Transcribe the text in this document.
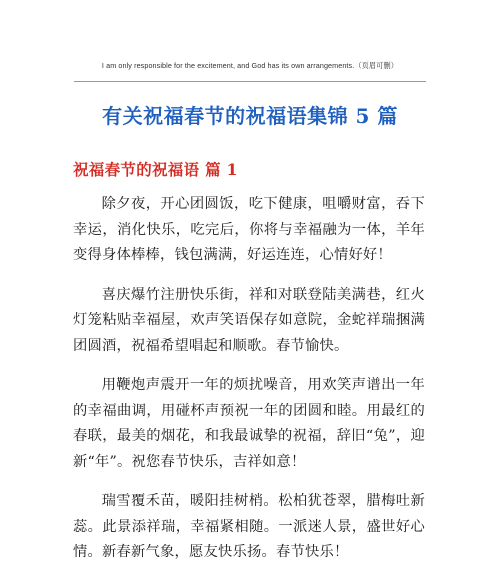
I am only responsible for the excitement, and God has its own arrangements.（页眉可删）
有关祝福春节的祝福语集锦 5 篇
祝福春节的祝福语 篇 1

除夕夜，开心团圆饭，吃下健康，咀嚼财富，吞下幸运，消化快乐，吃完后，你将与幸福融为一体，羊年变得身体棒棒，钱包满满，好运连连，心情好好！

喜庆爆竹注册快乐街，祥和对联登陆美满巷，红火灯笼粘贴幸福屋，欢声笑语保存如意院，金蛇祥瑞捆满团圆酒，祝福希望唱起和顺歌。春节愉快。

用鞭炮声震开一年的烦扰噪音，用欢笑声谱出一年的幸福曲调，用碰杯声预祝一年的团圆和睦。用最红的春联，最美的烟花，和我最诚挚的祝福，辞旧“兔”，迎新“年”。祝您春节快乐，吉祥如意！

瑞雪覆禾苗，暖阳挂树梢。松柏犹苍翠，腊梅吐新蕊。此景添祥瑞，幸福紧相随。一派迷人景，盛世好心情。新春新气象，愿友快乐扬。春节快乐！
